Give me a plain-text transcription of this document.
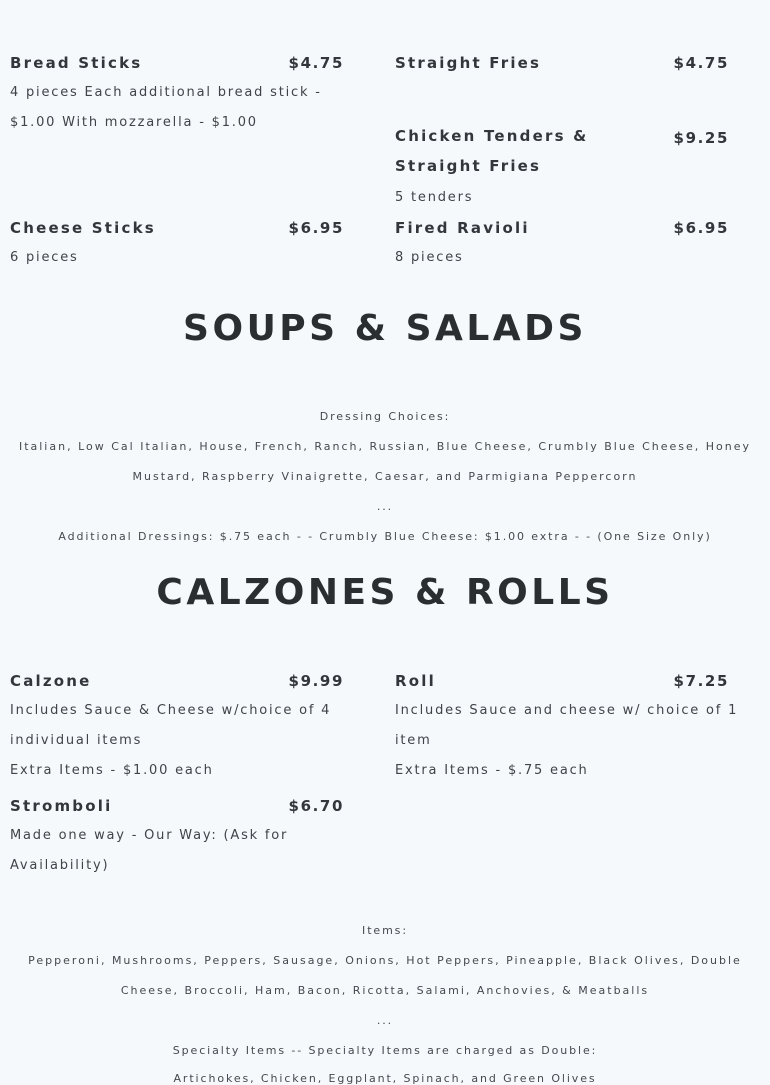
Bread Sticks	$4.75
4 pieces Each additional bread stick - $1.00 With mozzarella - $1.00
Straight Fries	$4.75
Chicken Tenders & Straight Fries
$9.25
5 tenders
Cheese Sticks	$6.95
6 pieces
Fired Ravioli	$6.95
8 pieces
SOUPS & SALADS
Dressing Choices:
Italian, Low Cal Italian, House, French, Ranch, Russian, Blue Cheese, Crumbly Blue Cheese, Honey Mustard, Raspberry Vinaigrette, Caesar, and Parmigiana Peppercorn
...
Additional Dressings: $.75 each - - Crumbly Blue Cheese: $1.00 extra - - (One Size Only)
CALZONES & ROLLS
Calzone	$9.99
Includes Sauce & Cheese w/choice of 4 individual items
Extra Items - $1.00 each
Roll	$7.25
Includes Sauce and cheese w/ choice of 1 item
Extra Items - $.75 each
Stromboli	$6.70
Made one way - Our Way: (Ask for Availability)
Items:
Pepperoni, Mushrooms, Peppers, Sausage, Onions, Hot Peppers, Pineapple, Black Olives, Double Cheese, Broccoli, Ham, Bacon, Ricotta, Salami, Anchovies, & Meatballs
...
Specialty Items -- Specialty Items are charged as Double:
Artichokes, Chicken, Eggplant, Spinach, and Green Olives
